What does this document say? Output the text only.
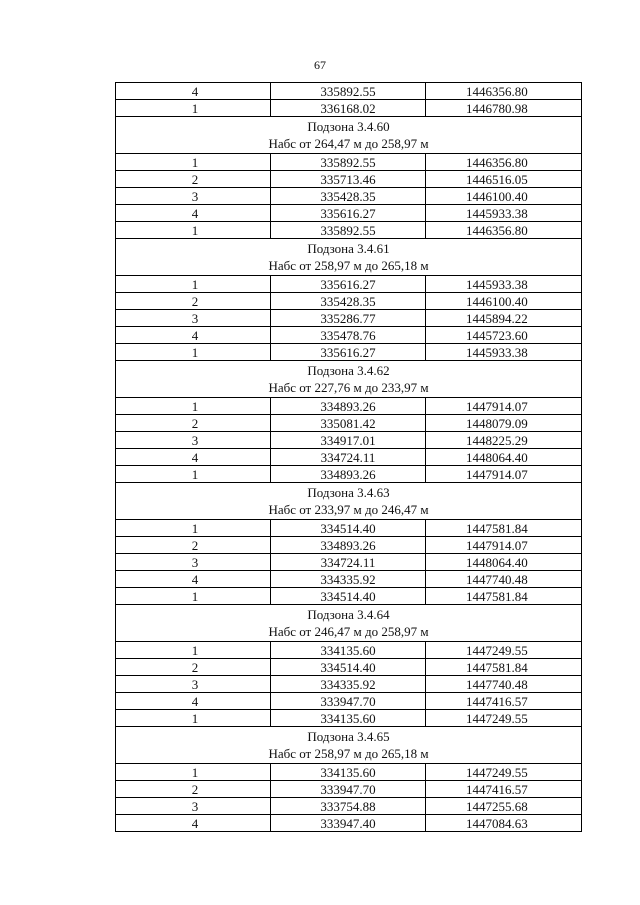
67
4	335892.55	1446356.80
1	336168.02	1446780.98

Подзона 3.4.60
Набс от 264,47 м до 258,97 м		

1	335892.55	1446356.80
2	335713.46	1446516.05
3	335428.35	1446100.40
4	335616.27	1445933.38
1	335892.55	1446356.80

Подзона 3.4.61
Набс от 258,97 м до 265,18 м		

1	335616.27	1445933.38
2	335428.35	1446100.40
3	335286.77	1445894.22
4	335478.76	1445723.60
1	335616.27	1445933.38

Подзона 3.4.62
Набс от 227,76 м до 233,97 м		

1	334893.26	1447914.07
2	335081.42	1448079.09
3	334917.01	1448225.29
4	334724.11	1448064.40
1	334893.26	1447914.07

Подзона 3.4.63
Набс от 233,97 м до 246,47 м		

1	334514.40	1447581.84
2	334893.26	1447914.07
3	334724.11	1448064.40
4	334335.92	1447740.48
1	334514.40	1447581.84

Подзона 3.4.64
Набс от 246,47 м до 258,97 м		

1	334135.60	1447249.55
2	334514.40	1447581.84
3	334335.92	1447740.48
4	333947.70	1447416.57
1	334135.60	1447249.55

Подзона 3.4.65
Набс от 258,97 м до 265,18 м		

1	334135.60	1447249.55
2	333947.70	1447416.57
3	333754.88	1447255.68
4	333947.40	1447084.63
